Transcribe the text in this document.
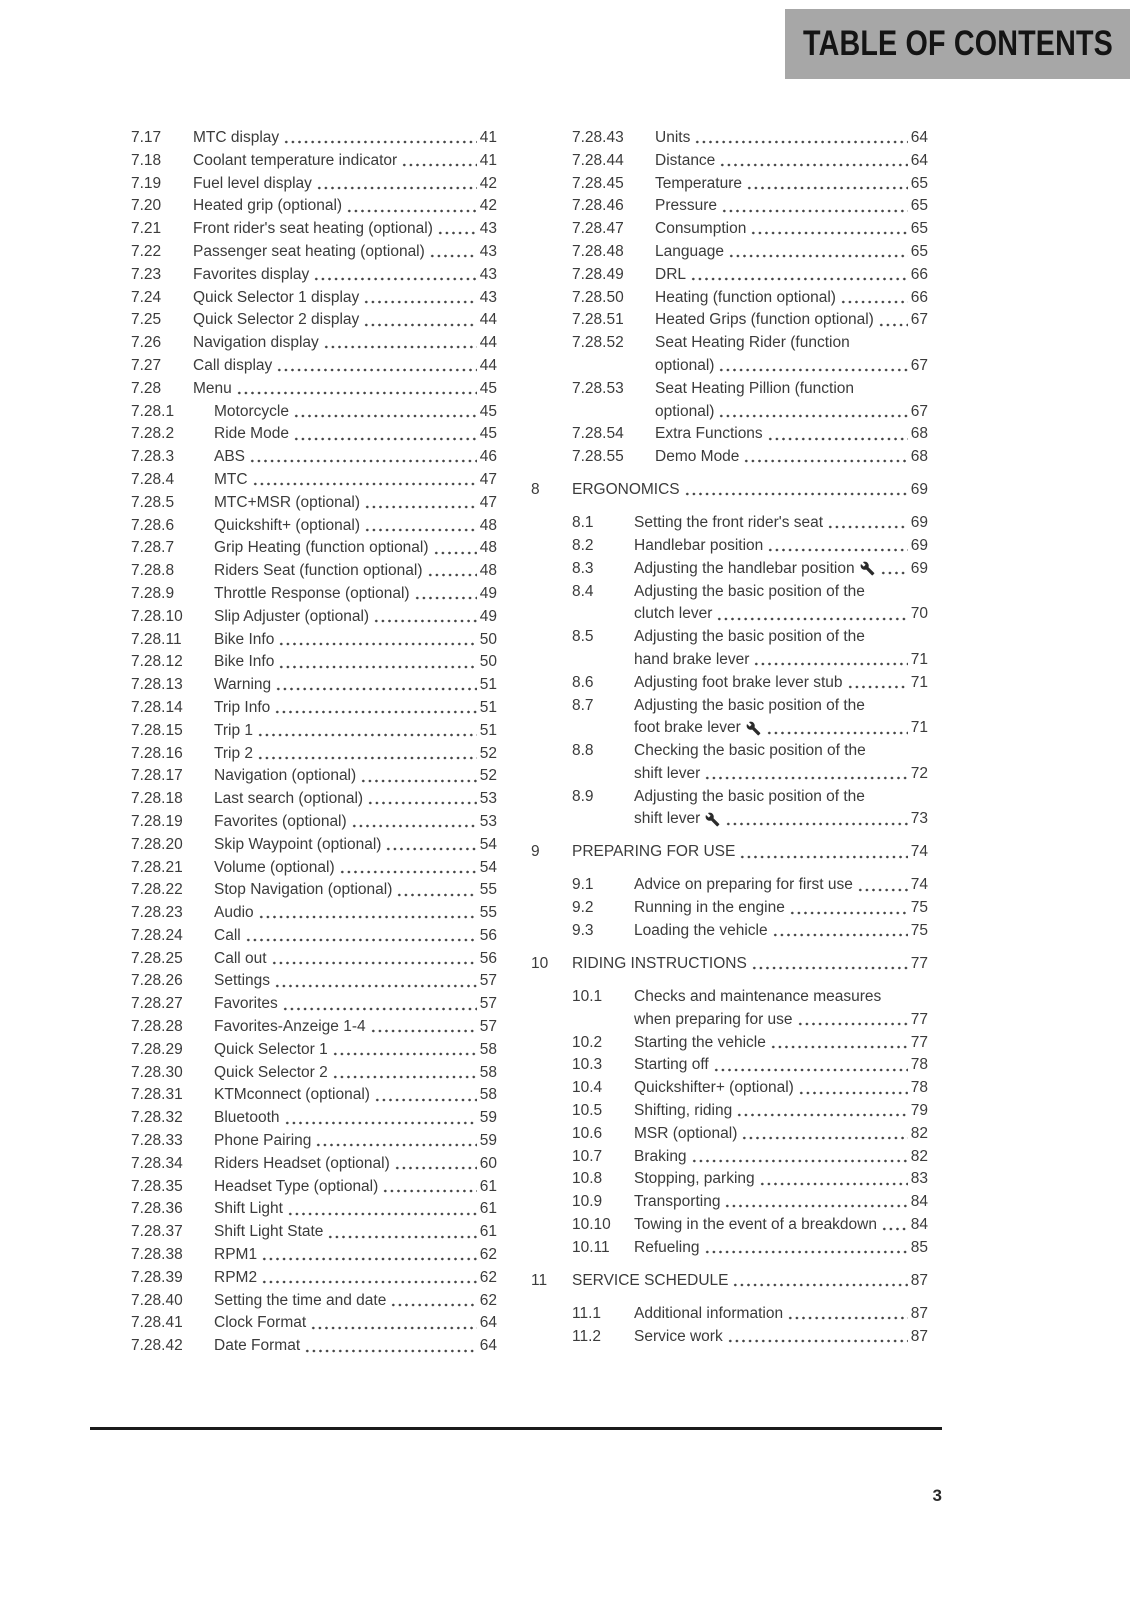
TABLE OF CONTENTS
7.17	MTC display	41
7.18	Coolant temperature indicator	41
7.19	Fuel level display	42
7.20	Heated grip (optional)	42
7.21	Front rider's seat heating (optional)	43
7.22	Passenger seat heating (optional)	43
7.23	Favorites display	43
7.24	Quick Selector 1 display	43
7.25	Quick Selector 2 display	44
7.26	Navigation display	44
7.27	Call display	44
7.28	Menu	45
7.28.1	Motorcycle	45
7.28.2	Ride Mode	45
7.28.3	ABS	46
7.28.4	MTC	47
7.28.5	MTC+MSR (optional)	47
7.28.6	Quickshift+ (optional)	48
7.28.7	Grip Heating (function optional)	48
7.28.8	Riders Seat (function optional)	48
7.28.9	Throttle Response (optional)	49
7.28.10	Slip Adjuster (optional)	49
7.28.11	Bike Info	50
7.28.12	Bike Info	50
7.28.13	Warning	51
7.28.14	Trip Info	51
7.28.15	Trip 1	51
7.28.16	Trip 2	52
7.28.17	Navigation (optional)	52
7.28.18	Last search (optional)	53
7.28.19	Favorites (optional)	53
7.28.20	Skip Waypoint (optional)	54
7.28.21	Volume (optional)	54
7.28.22	Stop Navigation (optional)	55
7.28.23	Audio	55
7.28.24	Call	56
7.28.25	Call out	56
7.28.26	Settings	57
7.28.27	Favorites	57
7.28.28	Favorites-Anzeige 1-4	57
7.28.29	Quick Selector 1	58
7.28.30	Quick Selector 2	58
7.28.31	KTMconnect (optional)	58
7.28.32	Bluetooth	59
7.28.33	Phone Pairing	59
7.28.34	Riders Headset (optional)	60
7.28.35	Headset Type (optional)	61
7.28.36	Shift Light	61
7.28.37	Shift Light State	61
7.28.38	RPM1	62
7.28.39	RPM2	62
7.28.40	Setting the time and date	62
7.28.41	Clock Format	64
7.28.42	Date Format	64
7.28.43	Units	64
7.28.44	Distance	64
7.28.45	Temperature	65
7.28.46	Pressure	65
7.28.47	Consumption	65
7.28.48	Language	65
7.28.49	DRL	66
7.28.50	Heating (function optional)	66
7.28.51	Heated Grips (function optional) 67
7.28.52	Seat Heating Rider (function
optional)	67
7.28.53	Seat Heating Pillion (function
optional)	67
7.28.54	Extra Functions	68
7.28.55	Demo Mode	68
8	ERGONOMICS	69
8.1	Setting the front rider's seat	69
8.2	Handlebar position	69
8.3	Adjusting the handlebar position	69
8.4	Adjusting the basic position of the
clutch lever	70
8.5	Adjusting the basic position of the
hand brake lever	71
8.6	Adjusting foot brake lever stub	71
8.7	Adjusting the basic position of the
foot brake lever	71
8.8	Checking the basic position of the
shift lever	72
8.9	Adjusting the basic position of the
shift lever	73
9	PREPARING FOR USE	74
9.1	Advice on preparing for first use	74
9.2	Running in the engine	75
9.3	Loading the vehicle	75
10	RIDING INSTRUCTIONS	77
10.1	Checks and maintenance measures
when preparing for use	77
10.2	Starting the vehicle	77
10.3	Starting off	78
10.4	Quickshifter+ (optional)	78
10.5	Shifting, riding	79
10.6	MSR (optional)	82
10.7	Braking	82
10.8	Stopping, parking	83
10.9	Transporting	84
10.10	Towing in the event of a breakdown 84
10.11	Refueling	85
11	SERVICE SCHEDULE	87
11.1	Additional information	87
11.2	Service work	87
3
